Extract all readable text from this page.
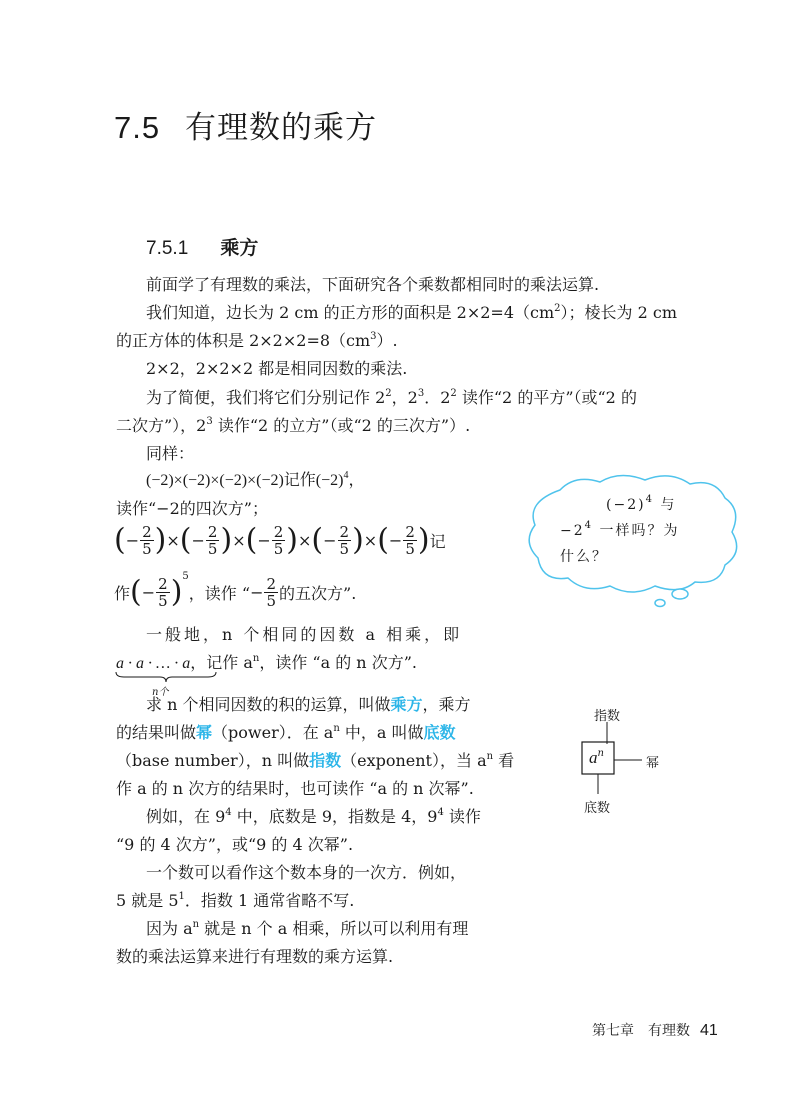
7.5 有理数的乘方
7.5.1 乘方
前面学了有理数的乘法，下面研究各个乘数都相同时的乘法运算.
我们知道，边长为 2 cm 的正方形的面积是 $2\times 2=4(cm^2)$；棱长为 2 cm
的正方体的体积是 $2\times 2\times 2=8(cm^3)$.
2×2，2×2×2 都是相同因数的乘法.
为了简便，我们将它们分别记作 $2^2$，$2^3$．$2^2$ 读作“2 的平方”（或“2 的
二次方”），$2^3$ 读作“2 的立方”（或“2 的三次方”）.
同样：
(−2)×(−2)×(−2)×(−2)记作$(-2)^4$，
读作“−2的四次方”；
(− $\frac{2}{5}$ )×(− $\frac{2}{5}$ )×(− $\frac{2}{5}$ )×(− $\frac{2}{5}$ )×(− $\frac{2}{5}$ )记
作(− $\frac{2}{5} )^5$，读作 “− $\frac{2}{5}$ 的五次方”.
一般地，n 个相同的因数 a 相乘，即
a · a · … · a，记作 $a^n$，读作 “a 的 n 次方”.
n个
求 n 个相同因数的积的运算，叫做乘方，乘方
的结果叫做幂（power）．在 $a^n$ 中，a 叫做底数
（base number），n 叫做指数（exponent），当 $a^n$ 看
作 a 的 n 次方的结果时，也可读作 “a 的 n 次幂”.
例如，在 $9^4$ 中，底数是 9，指数是 4，$9^4$ 读作
“9 的 4 次方”，或“9 的 4 次幂”.
一个数可以看作这个数本身的一次方．例如，
5 就是 $5^1$．指数 1 通常省略不写.
因为 $a^n$ 就是 n 个 a 相乘，所以可以利用有理
数的乘法运算来进行有理数的乘方运算.
$(-2)^4$ 与
$-2^4$ 一样吗？为
什么？
$a^n$
指数
幂
底数
第七章　有理数 41
